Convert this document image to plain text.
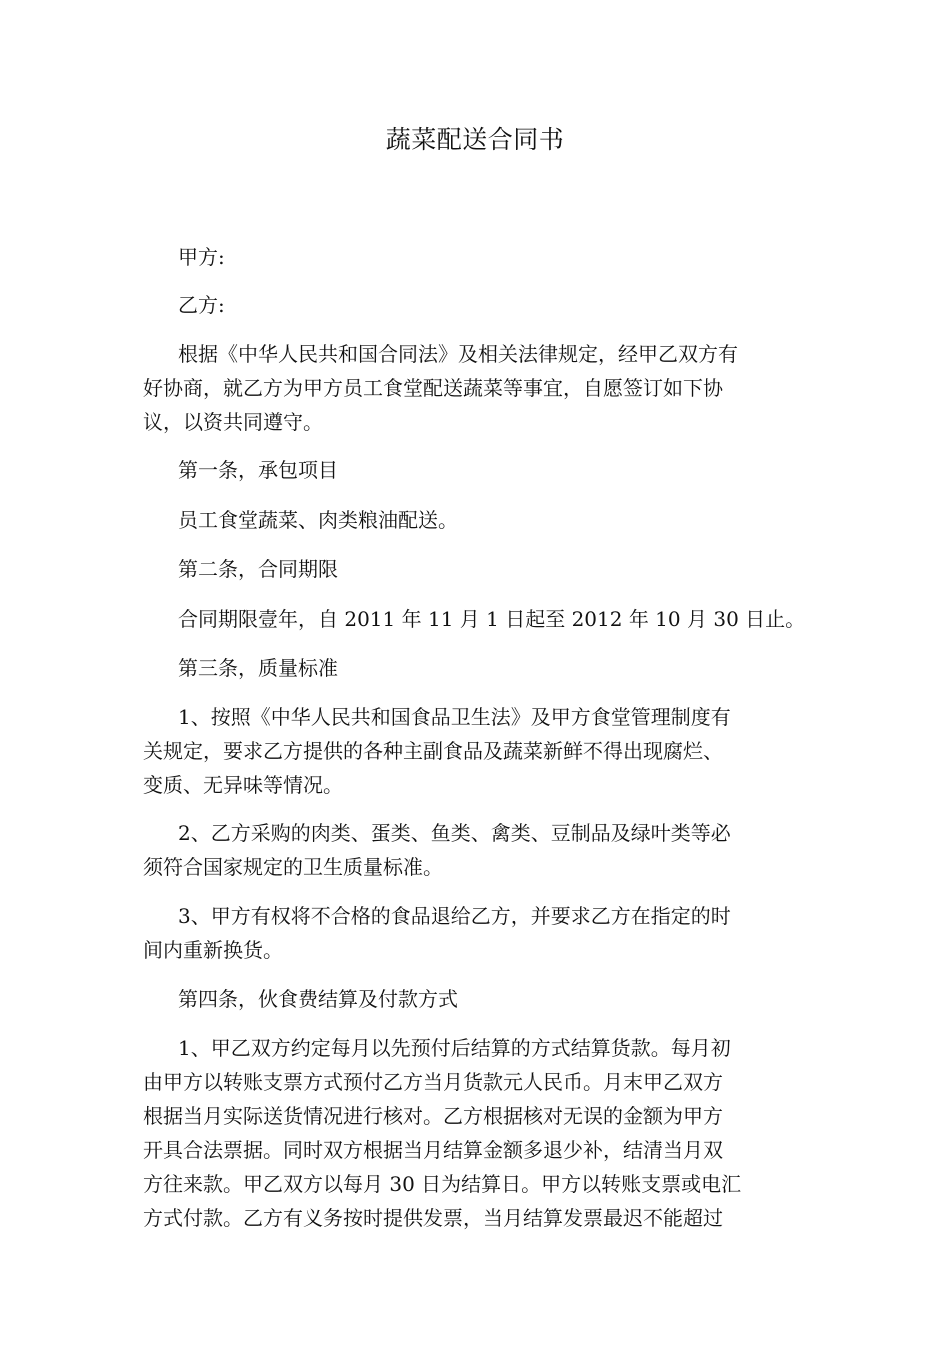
蔬菜配送合同书
甲方:
乙方:
根据《中华人民共和国合同法》及相关法律规定，经甲乙双方有
好协商，就乙方为甲方员工食堂配送蔬菜等事宜，自愿签订如下协
议，以资共同遵守。
第一条，承包项目
员工食堂蔬菜、肉类粮油配送。
第二条，合同期限
合同期限壹年，自 2011 年 11 月 1 日起至 2012 年 10 月 30 日止。
第三条，质量标准
1、按照《中华人民共和国食品卫生法》及甲方食堂管理制度有
关规定，要求乙方提供的各种主副食品及蔬菜新鲜不得出现腐烂、
变质、无异味等情况。
2、乙方采购的肉类、蛋类、鱼类、禽类、豆制品及绿叶类等必
须符合国家规定的卫生质量标准。
3、甲方有权将不合格的食品退给乙方，并要求乙方在指定的时
间内重新换货。
第四条，伙食费结算及付款方式
1、甲乙双方约定每月以先预付后结算的方式结算货款。每月初
由甲方以转账支票方式预付乙方当月货款元人民币。月末甲乙双方
根据当月实际送货情况进行核对。乙方根据核对无误的金额为甲方
开具合法票据。同时双方根据当月结算金额多退少补，结清当月双
方往来款。甲乙双方以每月 30 日为结算日。甲方以转账支票或电汇
方式付款。乙方有义务按时提供发票，当月结算发票最迟不能超过
